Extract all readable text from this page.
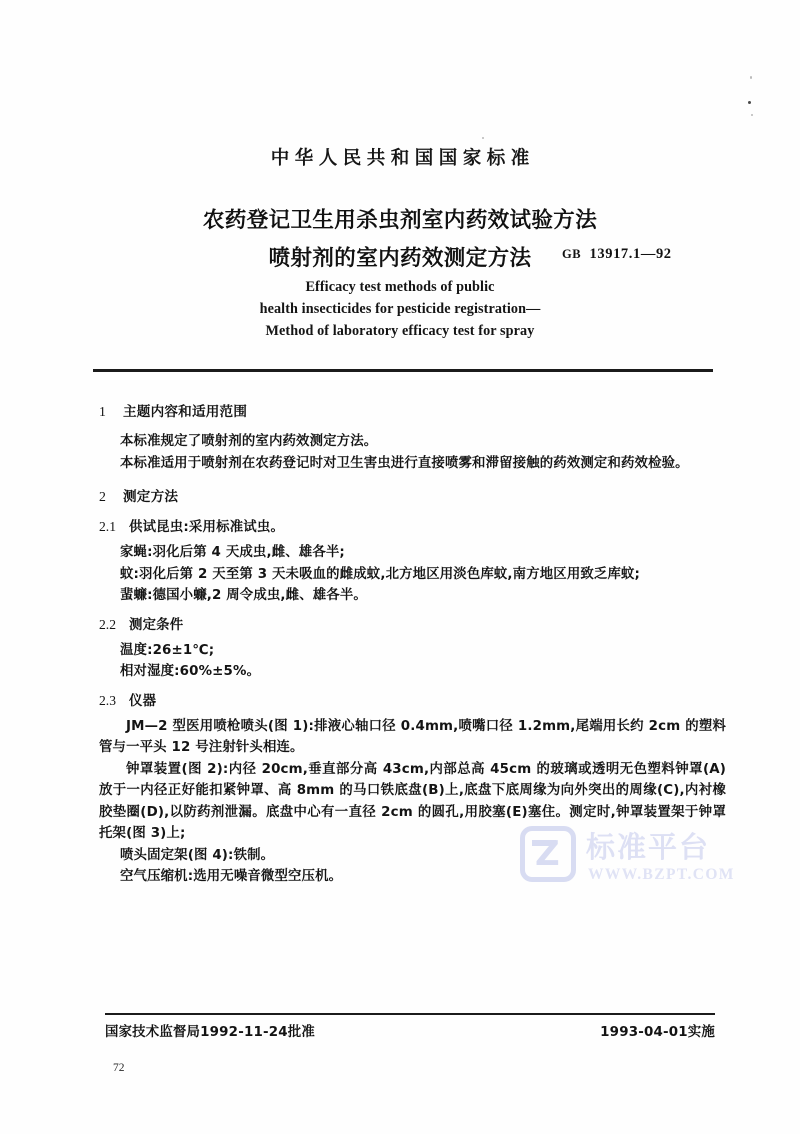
中华人民共和国国家标准
农药登记卫生用杀虫剂室内药效试验方法
喷射剂的室内药效测定方法	GB 13917.1—92
Efficacy test methods of public
health insecticides for pesticide registration—
Method of laboratory efficacy test for spray
1 主题内容和适用范围
本标准规定了喷射剂的室内药效测定方法。
本标准适用于喷射剂在农药登记时对卫生害虫进行直接喷雾和滞留接触的药效测定和药效检验。
2 测定方法
2.1 供试昆虫:采用标准试虫。
家蝇:羽化后第 4 天成虫,雌、雄各半;
蚊:羽化后第 2 天至第 3 天未吸血的雌成蚊,北方地区用淡色库蚊,南方地区用致乏库蚊;
蜚蠊:德国小蠊,2 周令成虫,雌、雄各半。
2.2 测定条件
温度:26±1℃;
相对湿度:60%±5%。
2.3 仪器
JM—2 型医用喷枪喷头(图 1):排液心轴口径 0.4mm,喷嘴口径 1.2mm,尾端用长约 2cm 的塑料管与一平头 12 号注射针头相连。
钟罩装置(图 2):内径 20cm,垂直部分高 43cm,内部总高 45cm 的玻璃或透明无色塑料钟罩(A)放于一内径正好能扣紧钟罩、高 8mm 的马口铁底盘(B)上,底盘下底周缘为向外突出的周缘(C),内衬橡胶垫圈(D),以防药剂泄漏。底盘中心有一直径 2cm 的圆孔,用胶塞(E)塞住。测定时,钟罩装置架于钟罩托架(图 3)上;
喷头固定架(图 4):铁制。
空气压缩机:选用无噪音微型空压机。
Z
标准平台
WWW.BZPT.COM
国家技术监督局1992-11-24批准	1993-04-01实施
72
